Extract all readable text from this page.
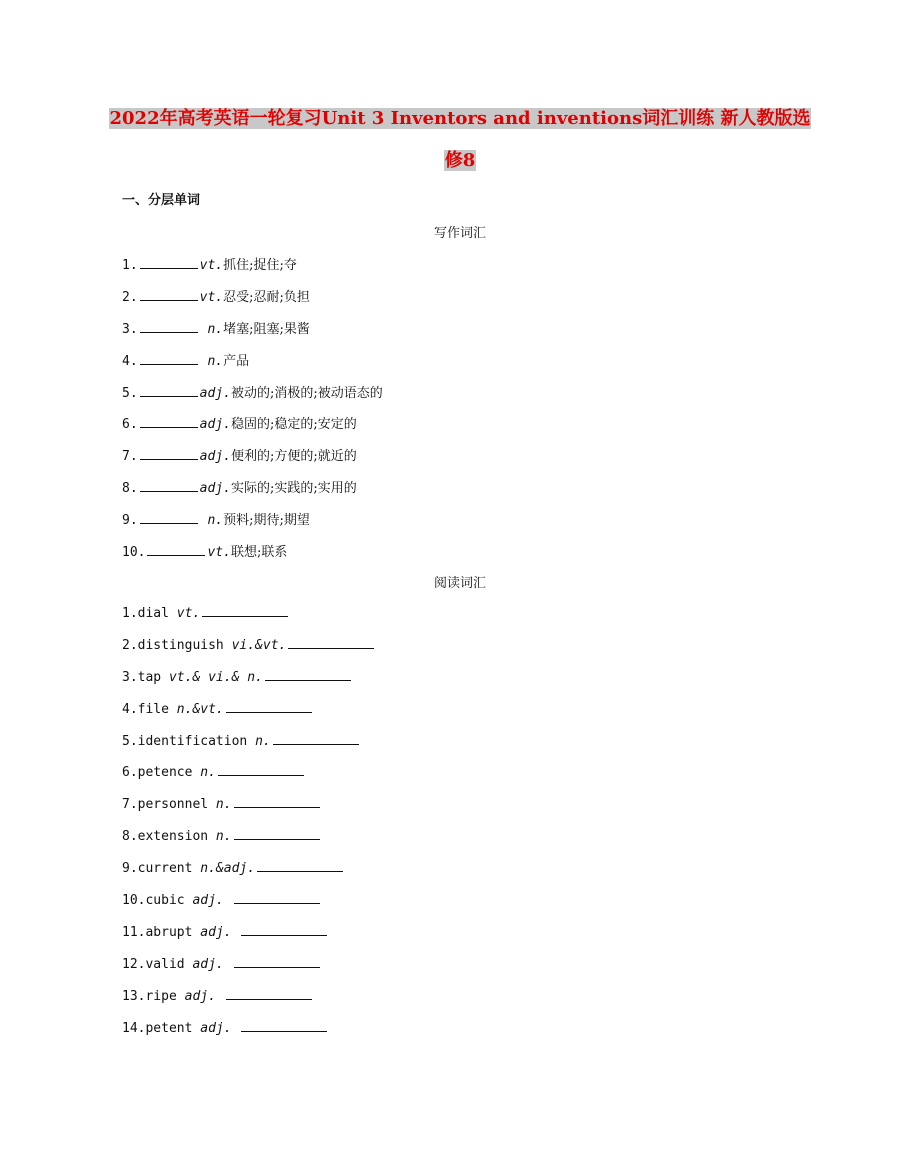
2022年高考英语一轮复习Unit 3 Inventors and inventions词汇训练 新人教版选
修8
一、分层单词
写作词汇
1.	vt.抓住;捉住;夺
2.	vt.忍受;忍耐;负担
3.	n.堵塞;阻塞;果酱
4.	n.产品
5.	adj.被动的;消极的;被动语态的
6.	adj.稳固的;稳定的;安定的
7.	adj.便利的;方便的;就近的
8.	adj.实际的;实践的;实用的
9.	n.预料;期待;期望
10.	vt.联想;联系
阅读词汇
1.dial vt.
2.distinguish vi.&vt.
3.tap vt.& vi.& n.
4.file n.&vt.
5.identification n.
6.petence n.
7.personnel n.
8.extension n.
9.current n.&adj.
10.cubic adj.
11.abrupt adj.
12.valid adj.
13.ripe adj.
14.petent adj.
